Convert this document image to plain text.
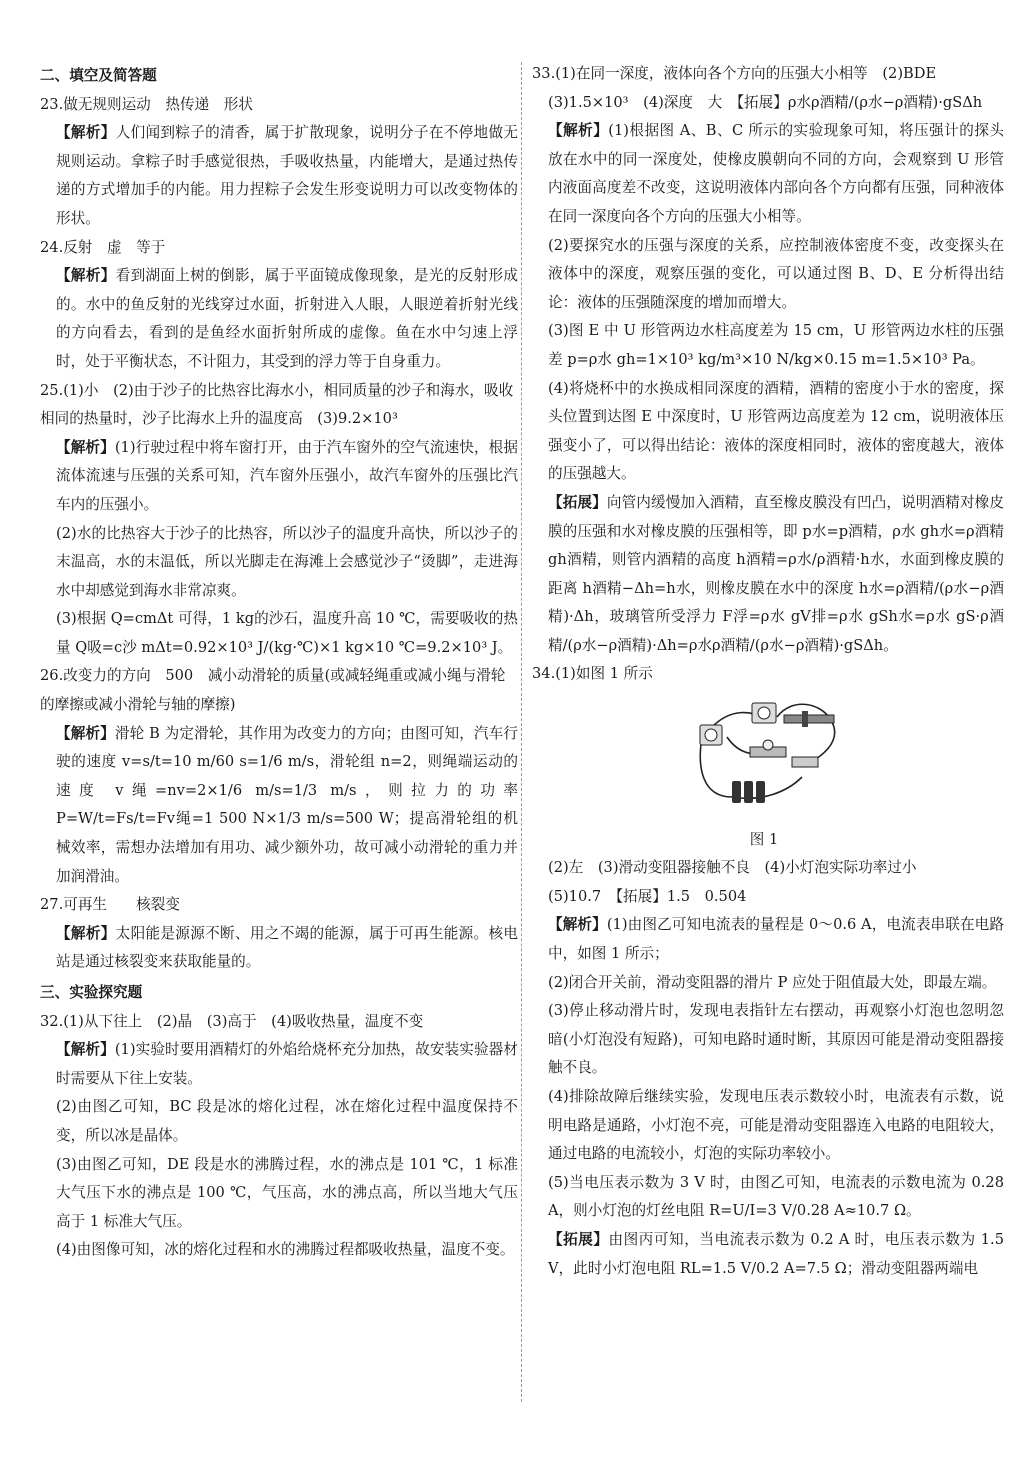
二、填空及简答题

23.做无规则运动　热传递　形状

【解析】人们闻到粽子的清香，属于扩散现象，说明分子在不停地做无规则运动。拿粽子时手感觉很热，手吸收热量，内能增大，是通过热传递的方式增加手的内能。用力捏粽子会发生形变说明力可以改变物体的形状。

24.反射　虚　等于

【解析】看到湖面上树的倒影，属于平面镜成像现象，是光的反射形成的。水中的鱼反射的光线穿过水面，折射进入人眼，人眼逆着折射光线的方向看去，看到的是鱼经水面折射所成的虚像。鱼在水中匀速上浮时，处于平衡状态，不计阻力，其受到的浮力等于自身重力。

25.(1)小　(2)由于沙子的比热容比海水小，相同质量的沙子和海水，吸收相同的热量时，沙子比海水上升的温度高　(3)9.2×10³

【解析】(1)行驶过程中将车窗打开，由于汽车窗外的空气流速快，根据流体流速与压强的关系可知，汽车窗外压强小，故汽车窗外的压强比汽车内的压强小。

(2)水的比热容大于沙子的比热容，所以沙子的温度升高快，所以沙子的末温高，水的末温低，所以光脚走在海滩上会感觉沙子“烫脚”，走进海水中却感觉到海水非常凉爽。

(3)根据 Q=cmΔt 可得，1 kg的沙石，温度升高 10 ℃，需要吸收的热量 Q吸=c沙 mΔt=0.92×10³ J/(kg·℃)×1 kg×10 ℃=9.2×10³ J。

26.改变力的方向　500　减小动滑轮的质量(或减轻绳重或减小绳与滑轮的摩擦或减小滑轮与轴的摩擦)

【解析】滑轮 B 为定滑轮，其作用为改变力的方向；由图可知，汽车行驶的速度 v=s/t=10 m/60 s=1/6 m/s，滑轮组 n=2，则绳端运动的速度 v绳=nv=2×1/6 m/s=1/3 m/s，则拉力的功率 P=W/t=Fs/t=Fv绳=1 500 N×1/3 m/s=500 W；提高滑轮组的机械效率，需想办法增加有用功、减少额外功，故可减小动滑轮的重力并加润滑油。

27.可再生　　核裂变

【解析】太阳能是源源不断、用之不竭的能源，属于可再生能源。核电站是通过核裂变来获取能量的。

三、实验探究题

32.(1)从下往上　(2)晶　(3)高于　(4)吸收热量，温度不变

【解析】(1)实验时要用酒精灯的外焰给烧杯充分加热，故安装实验器材时需要从下往上安装。

(2)由图乙可知，BC 段是冰的熔化过程，冰在熔化过程中温度保持不变，所以冰是晶体。

(3)由图乙可知，DE 段是水的沸腾过程，水的沸点是 101 ℃，1 标准大气压下水的沸点是 100 ℃，气压高，水的沸点高，所以当地大气压高于 1 标准大气压。

(4)由图像可知，冰的熔化过程和水的沸腾过程都吸收热量，温度不变。

33.(1)在同一深度，液体向各个方向的压强大小相等　(2)BDE

(3)1.5×10³　(4)深度　大　【拓展】ρ水ρ酒精/(ρ水−ρ酒精)·gSΔh

【解析】(1)根据图 A、B、C 所示的实验现象可知，将压强计的探头放在水中的同一深度处，使橡皮膜朝向不同的方向，会观察到 U 形管内液面高度差不改变，这说明液体内部向各个方向都有压强，同种液体在同一深度向各个方向的压强大小相等。

(2)要探究水的压强与深度的关系，应控制液体密度不变，改变探头在液体中的深度，观察压强的变化，可以通过图 B、D、E 分析得出结论：液体的压强随深度的增加而增大。

(3)图 E 中 U 形管两边水柱高度差为 15 cm，U 形管两边水柱的压强差 p=ρ水 gh=1×10³ kg/m³×10 N/kg×0.15 m=1.5×10³ Pa。

(4)将烧杯中的水换成相同深度的酒精，酒精的密度小于水的密度，探头位置到达图 E 中深度时，U 形管两边高度差为 12 cm，说明液体压强变小了，可以得出结论：液体的深度相同时，液体的密度越大，液体的压强越大。

【拓展】向管内缓慢加入酒精，直至橡皮膜没有凹凸，说明酒精对橡皮膜的压强和水对橡皮膜的压强相等，即 p水=p酒精，ρ水 gh水=ρ酒精gh酒精，则管内酒精的高度 h酒精=ρ水/ρ酒精·h水，水面到橡皮膜的距离 h酒精−Δh=h水，则橡皮膜在水中的深度 h水=ρ酒精/(ρ水−ρ酒精)·Δh，玻璃管所受浮力 F浮=ρ水 gV排=ρ水 gSh水=ρ水 gS·ρ酒精/(ρ水−ρ酒精)·Δh=ρ水ρ酒精/(ρ水−ρ酒精)·gSΔh。

34.(1)如图 1 所示

图 1

(2)左　(3)滑动变阻器接触不良　(4)小灯泡实际功率过小

(5)10.7　【拓展】1.5　0.504

【解析】(1)由图乙可知电流表的量程是 0～0.6 A，电流表串联在电路中，如图 1 所示；

(2)闭合开关前，滑动变阻器的滑片 P 应处于阻值最大处，即最左端。

(3)停止移动滑片时，发现电表指针左右摆动，再观察小灯泡也忽明忽暗(小灯泡没有短路)，可知电路时通时断，其原因可能是滑动变阻器接触不良。

(4)排除故障后继续实验，发现电压表示数较小时，电流表有示数，说明电路是通路，小灯泡不亮，可能是滑动变阻器连入电路的电阻较大，通过电路的电流较小，灯泡的实际功率较小。

(5)当电压表示数为 3 V 时，由图乙可知，电流表的示数电流为 0.28 A，则小灯泡的灯丝电阻 R=U/I=3 V/0.28 A≈10.7 Ω。

【拓展】由图丙可知，当电流表示数为 0.2 A 时，电压表示数为 1.5 V，此时小灯泡电阻 RL=1.5 V/0.2 A=7.5 Ω；滑动变阻器两端电
